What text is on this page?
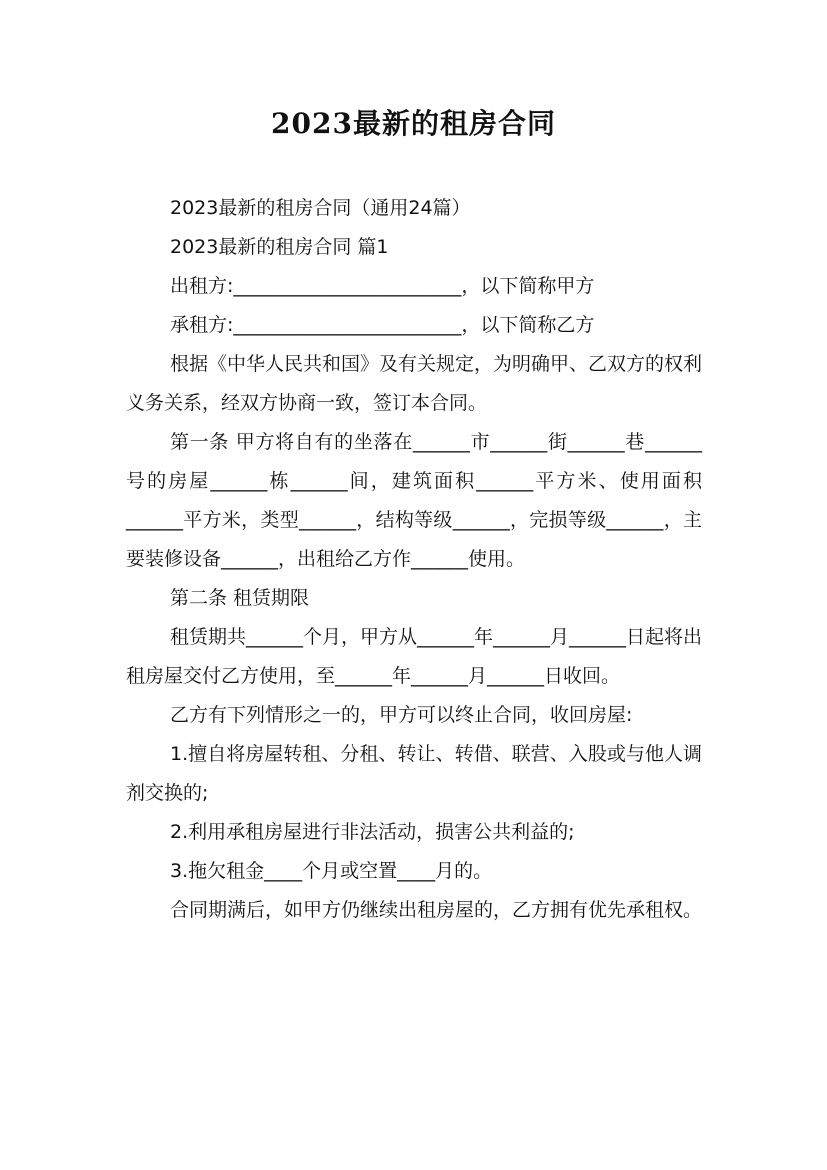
2023最新的租房合同

2023最新的租房合同（通用24篇）

2023最新的租房合同 篇1

出租方:________________________，以下简称甲方

承租方:________________________，以下简称乙方

根据《中华人民共和国》及有关规定，为明确甲、乙双方的权利义务关系，经双方协商一致，签订本合同。

第一条 甲方将自有的坐落在______市______街______巷______号的房屋______栋______间，建筑面积______平方米、使用面积______平方米，类型______，结构等级______，完损等级______，主要装修设备______，出租给乙方作______使用。

第二条 租赁期限

租赁期共______个月，甲方从______年______月______日起将出租房屋交付乙方使用，至______年______月______日收回。

乙方有下列情形之一的，甲方可以终止合同，收回房屋:

1.擅自将房屋转租、分租、转让、转借、联营、入股或与他人调剂交换的;

2.利用承租房屋进行非法活动，损害公共利益的;

3.拖欠租金____个月或空置____月的。

合同期满后，如甲方仍继续出租房屋的，乙方拥有优先承租权。
